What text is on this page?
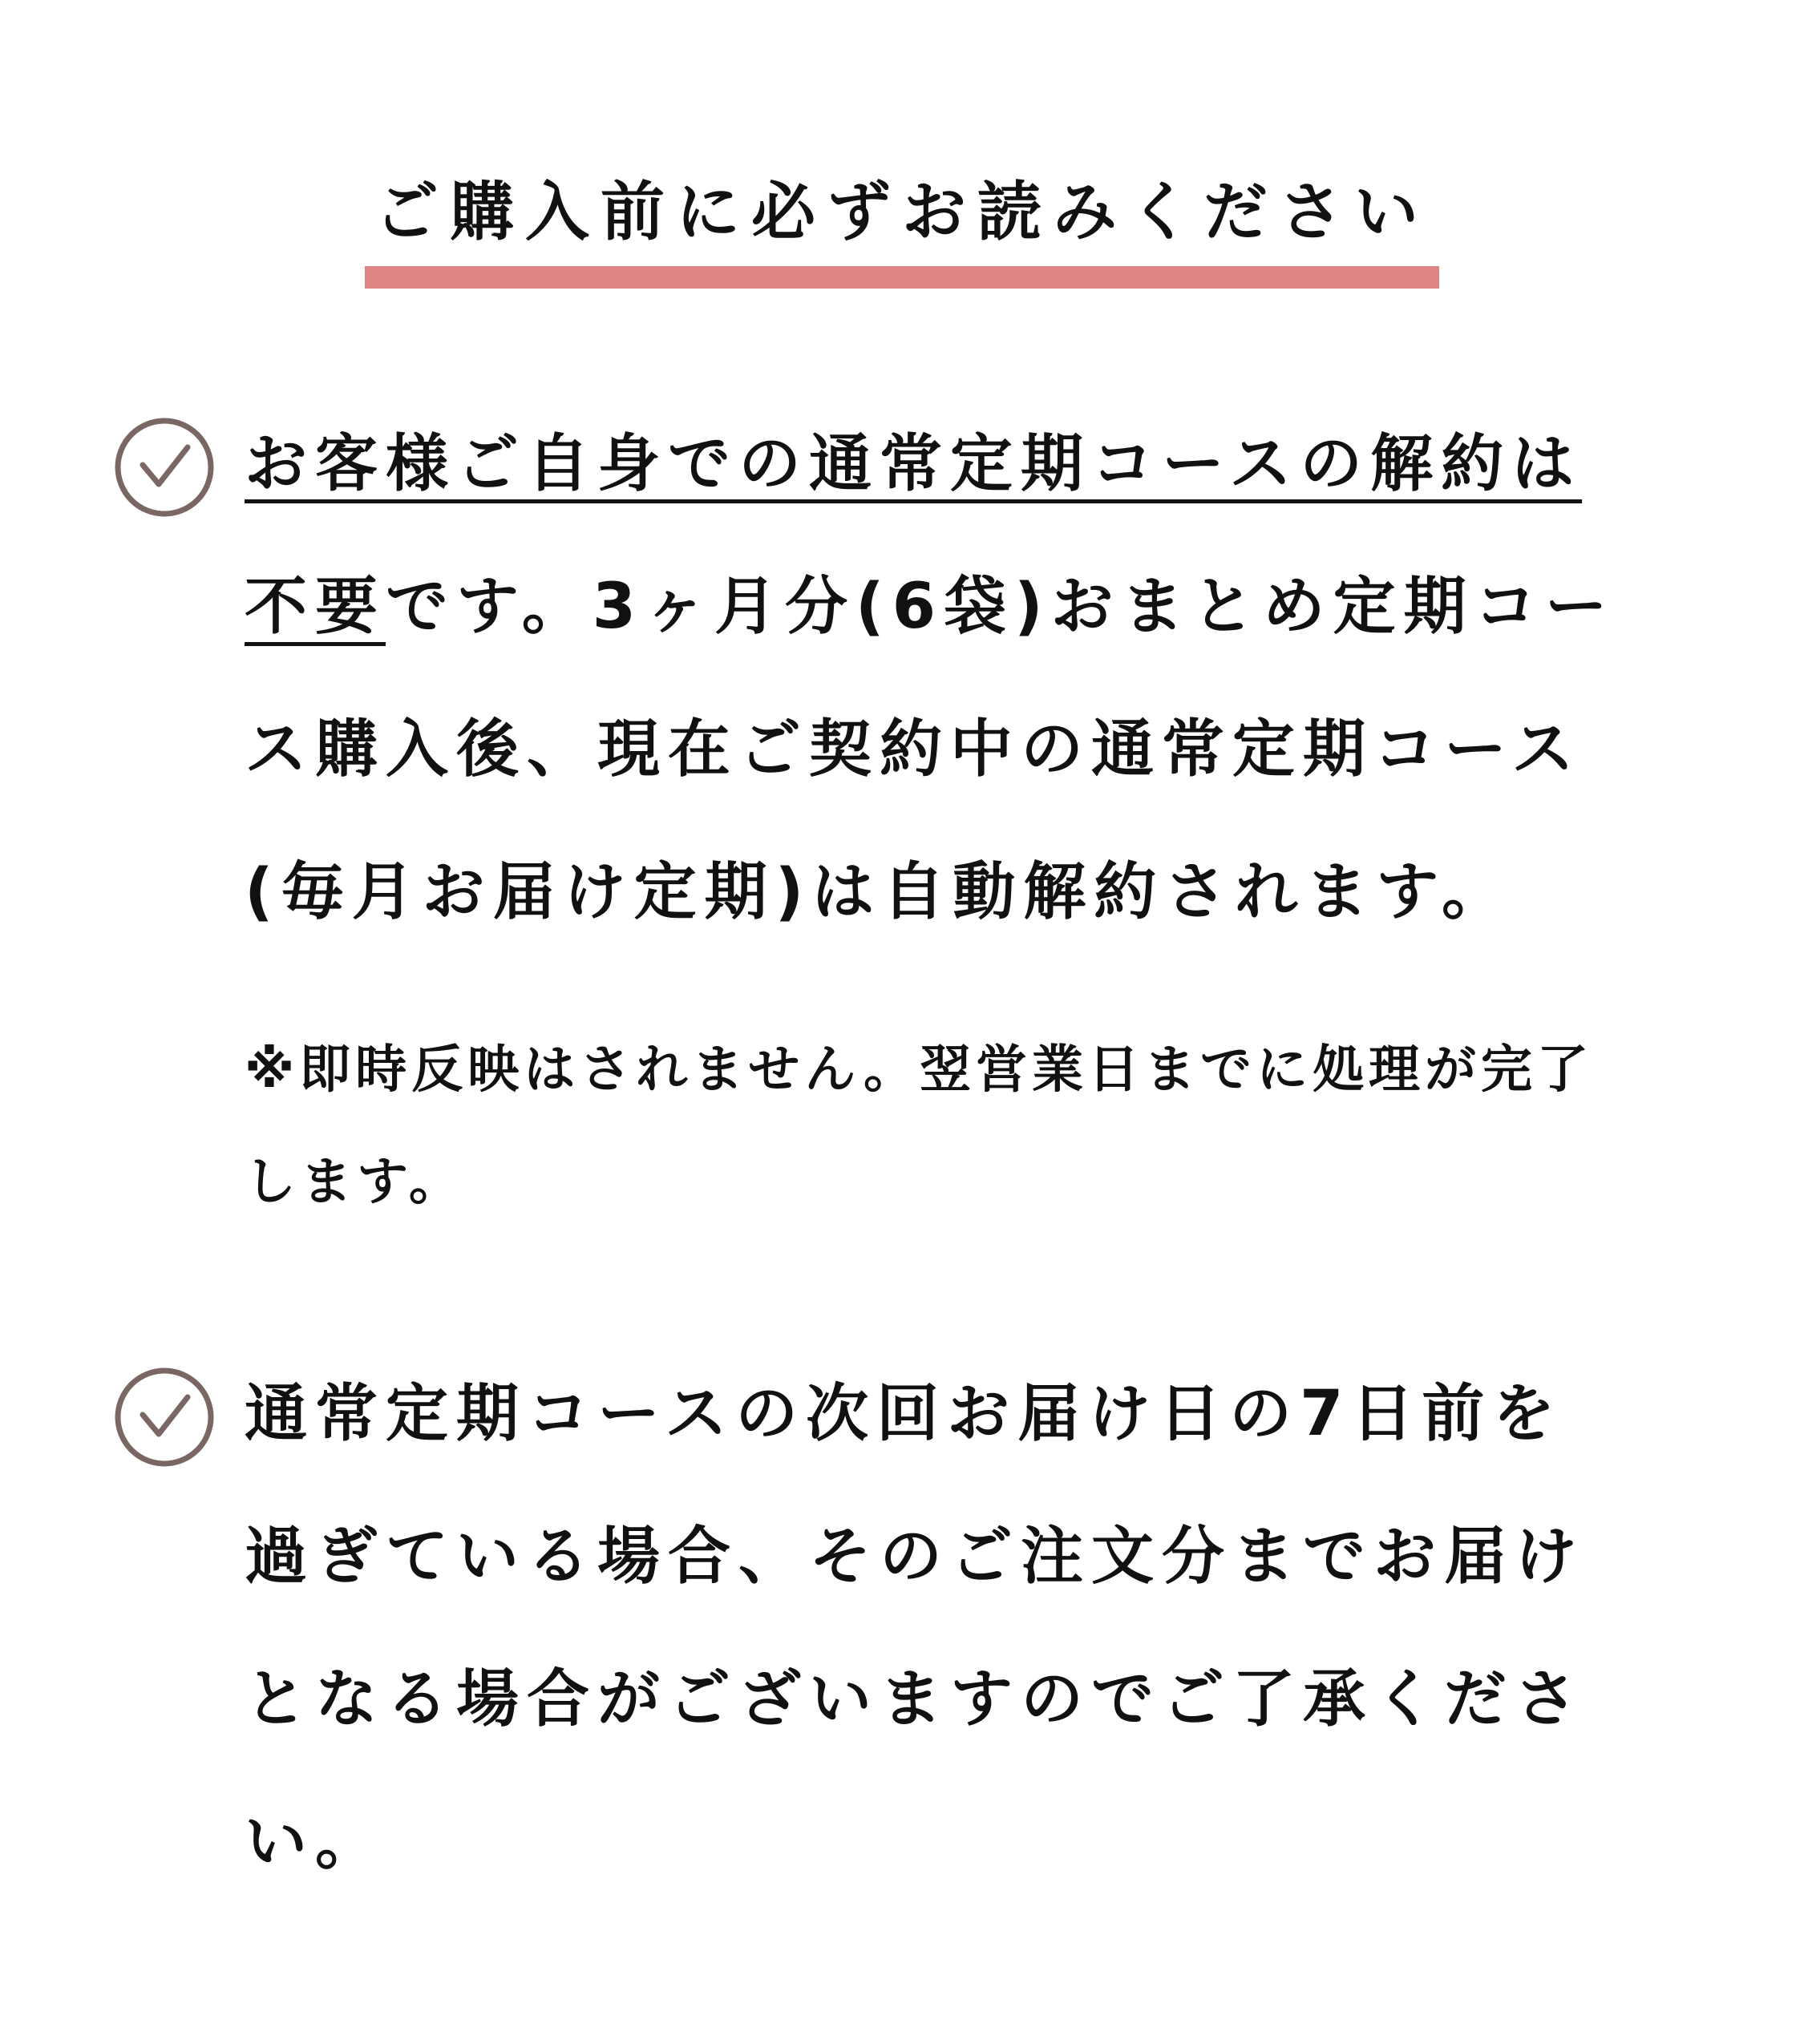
ご購入前に必ずお読みください
お客様ご自身での通常定期コースの解約は
不要です。3ヶ月分(6袋)おまとめ定期コー
ス購入後、現在ご契約中の通常定期コース
(毎月お届け定期)は自動解約されます。
※即時反映はされません。翌営業日までに処理が完了
します。
通常定期コースの次回お届け日の7日前を
過ぎている場合、そのご注文分までお届け
となる場合がございますのでご了承くださ
い。
